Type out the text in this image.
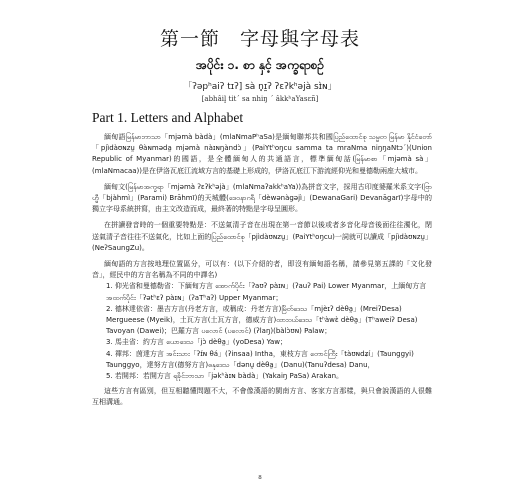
第一節　字母與字母表
အပိုင်း ၁. စာ နှင့် အက္ခရာစဉ်
「ʔəpʰaiʔ tɪʔ] sà n̥ɪ̰ʔ ʔɛʔkʰəjà sɪ̀ɴ」
[abhâil̥ tit´ sa nhiŋ ´ âkkʰaYasεñ]
Part 1. Letters and Alphabet

緬甸語မြန်မာဘာသာ「mjəmà bàdà」(mlaNmaPʰaSa)是緬甸聯邦共和國ပြည်ထောင်စု သမ္မတ မြန်မာ နိုင်ငံတော်「pjìdàʊɴzṵ θàɴməda̰ mjəmà nàɪɴŋàndɔ̀」(PaiYtʰoŋcu samma ta mraNma niŋŋaNtɔ´)(Union Republic of Myanmar)的國語，是全體緬甸人的共通語言，標準緬甸話(မြန်မာစာ「mjəmà sà」(mlaNmacaa))是在伊洛瓦底江流域方言的基礎上形成的，伊洛瓦底江下游流經仰光和曼德勒兩座大城市。

緬甸文(မြန်မာအက္ခရာ「mjəmà ʔɛʔkʰəjà」(mlaNmaʔakkʰaYa))為拼音文字，採用古印度婆羅米系文字(ဗြာဟ္မီ「bjàhmì」(Parami) Brāhmī)的天城體(ဒေဝနာဂရီ「dèwənàgəjì」(DewanaGari) Devanāgarī)字母中的獨立字母系統拼寫，由主文改造而成，最終著的特點是字母呈圓形。

在拼讀發音時的一個重要特點是：不送氣清子音在出現在第一音節以後或者多音化母音後面往往濁化，閉送氣清子音往往不送氣化，比如上面的ပြည်ထောင်စု「pjìdàʊɴzṵ」(PaiYtʰoŋcu)一詞就可以讀成「pjìdàʊɴzṵ」(NeʔSaungZu)。

緬甸語的方言按地理位置區分，可以有：(以下介紹的者，即沒有緬甸語名稱，請參見第五課的「文化發音」，經民中的方言名稱為不同的中譯名)

1. 仰光省和曼德勒省：下緬甸方言 အောက်ပိုင်း「ʔaʊʔ pàɪɴ」(ʔauʔ Pai) Lower Myanmar，上緬甸方言 အထက်ပိုင်း「ʔətʰɛʔ pàɪɴ」(ʔaTʰaʔ) Upper Myanmar；

2. 德林達依省：墨吉方言(丹老方言，或稱成：丹老方言)မြိတ်ဒေသ「mjèɪʔ dèθa̰」(MreiʔDesa) Mergueese (Myeik)，土瓦方言(土瓦方言，德威方言)ထားဝယ်ဒေသ「tʰàwɛ̀ dèθa̰」(Tʰaweiʔ Desa) Tavoyan (Dawei)；巴羅方言 ပလောင် (ပလောင်) (ʔlaŋ)(bàlɔ̀ʊɴ) Palaw；

3. 馬圭省：約方言 ယောဒေသ「jɔ̀ dèθa̰」(yoDesa) Yaw；

4. 禪邦：茵達方言 အင်းသား「ʔɪ́ɴ θá」(ʔinsaa) Intha，東枝方言 တောင်ကြီး「tàʊɴdʑí」(Taunggyi) Taunggyo，達努方言(德努方言)ဓနုဒေသ「dənṵ dèθa̰」(Danu)(Tanuʔdesa) Danu，

5. 若開邦：若開方言 ရခိုင်ဘာသာ「jəkʰàɪɴ bàdà」(Yakaiŋ PaSa) Arakan。

這些方言有區別，但互相聽懂問題不大，不會像漢語的閩南方言、客家方言那樣，與只會說漢語的人很難互相溝通。

8
